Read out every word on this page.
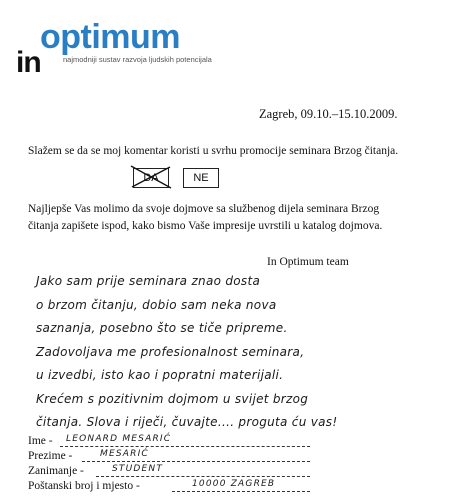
in
optimum
najmodniji sustav razvoja ljudskih potencijala
Zagreb, 09.10.–15.10.2009.
Slažem se da se moj komentar koristi u svrhu promocije seminara Brzog čitanja.
DA	NE
Najljepše Vas molimo da svoje dojmove sa službenog dijela seminara Brzog čitanja zapišete ispod, kako bismo Vaše impresije uvrstili u katalog dojmova.
In Optimum team
Jako sam prije seminara znao dosta
o brzom čitanju, dobio sam neka nova
saznanja, posebno što se tiče pripreme.
Zadovoljava me profesionalnost seminara,
u izvedbi, isto kao i popratni materijali.
Krećem s pozitivnim dojmom u svijet brzog
čitanja. Slova i riječi, čuvajte.... proguta ću vas!
Ime - LEONARD MESARIĆ
Prezime -	MESARIĆ
Zanimanje -	STUDENT
Poštanski broj i mjesto -	10000 ZAGREB
